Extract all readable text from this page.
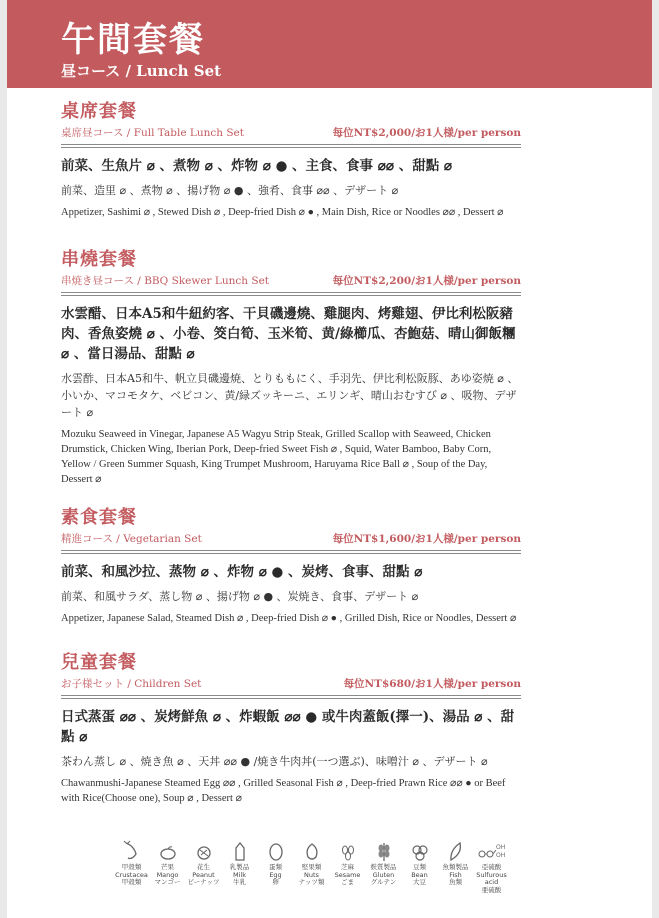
午間套餐
昼コース / Lunch Set
桌席套餐
桌席昼コース / Full Table Lunch Set	每位NT$2,000/お1人様/per person
前菜、生魚片 ⌀ 、煮物 ⌀ 、炸物 ⌀ ● 、主食、食事 ⌀⌀ 、甜點 ⌀
前菜、造里 ⌀ 、煮物 ⌀ 、揚げ物 ⌀ ● 、強肴、食事 ⌀⌀ 、デザート ⌀
Appetizer, Sashimi ⌀ , Stewed Dish ⌀ , Deep-fried Dish ⌀ ● , Main Dish, Rice or Noodles ⌀⌀ , Dessert ⌀
串燒套餐
串焼き昼コース / BBQ Skewer Lunch Set	每位NT$2,200/お1人様/per person
水雲醋、日本A5和牛紐約客、干貝磯邊燒、雞腿肉、烤雞翅、伊比利松阪豬肉、香魚姿燒 ⌀ 、小卷、筊白筍、玉米筍、黄/綠櫛瓜、杏鮑菇、晴山御飯糰 ⌀ 、當日湯品、甜點 ⌀
水雲酢、日本A5和牛、帆立貝磯邊焼、とりももにく、手羽先、伊比利松阪豚、あゆ姿焼 ⌀ 、小いか、マコモタケ、ベビコン、黄/緑ズッキーニ、エリンギ、晴山おむすび ⌀ 、吸物、デザート ⌀
Mozuku Seaweed in Vinegar, Japanese A5 Wagyu Strip Steak, Grilled Scallop with Seaweed, Chicken Drumstick, Chicken Wing, Iberian Pork, Deep-fried Sweet Fish ⌀ , Squid, Water Bamboo, Baby Corn, Yellow / Green Summer Squash, King Trumpet Mushroom, Haruyama Rice Ball ⌀ , Soup of the Day, Dessert ⌀
素食套餐
精進コース / Vegetarian Set	每位NT$1,600/お1人様/per person
前菜、和風沙拉、蒸物 ⌀ 、炸物 ⌀ ● 、炭烤、食事、甜點 ⌀
前菜、和風サラダ、蒸し物 ⌀ 、揚げ物 ⌀ ● 、炭焼き、食事、デザート ⌀
Appetizer, Japanese Salad, Steamed Dish ⌀ , Deep-fried Dish ⌀ ● , Grilled Dish, Rice or Noodles, Dessert ⌀
兒童套餐
お子様セット / Children Set	每位NT$680/お1人様/per person
日式蒸蛋 ⌀⌀ 、炭烤鮮魚 ⌀ 、炸蝦飯 ⌀⌀ ● 或牛肉蓋飯(擇一)、湯品 ⌀ 、甜點 ⌀
茶わん蒸し ⌀ 、焼き魚 ⌀ 、天丼 ⌀⌀ ● /焼き牛肉丼(一つ選ぶ)、味噌汁 ⌀ 、デザート ⌀
Chawanmushi-Japanese Steamed Egg ⌀⌀ , Grilled Seasonal Fish ⌀ , Deep-fried Prawn Rice ⌀⌀ ● or Beef with Rice(Choose one), Soup ⌀ , Dessert ⌀
甲殼類
Crustacea
甲殻類
芒果
Mango
マンゴー
花生
Peanut
ピーナッツ
乳製品
Milk
牛乳
蛋類
Egg
卵
堅果類
Nuts
ナッツ類
芝麻
Sesame
ごま
麩質製品
Gluten
グルテン
豆類
Bean
大豆
魚類製品
Fish
魚類
OH
OH
亞硫酸
Sulfurous acid
亜硫酸
